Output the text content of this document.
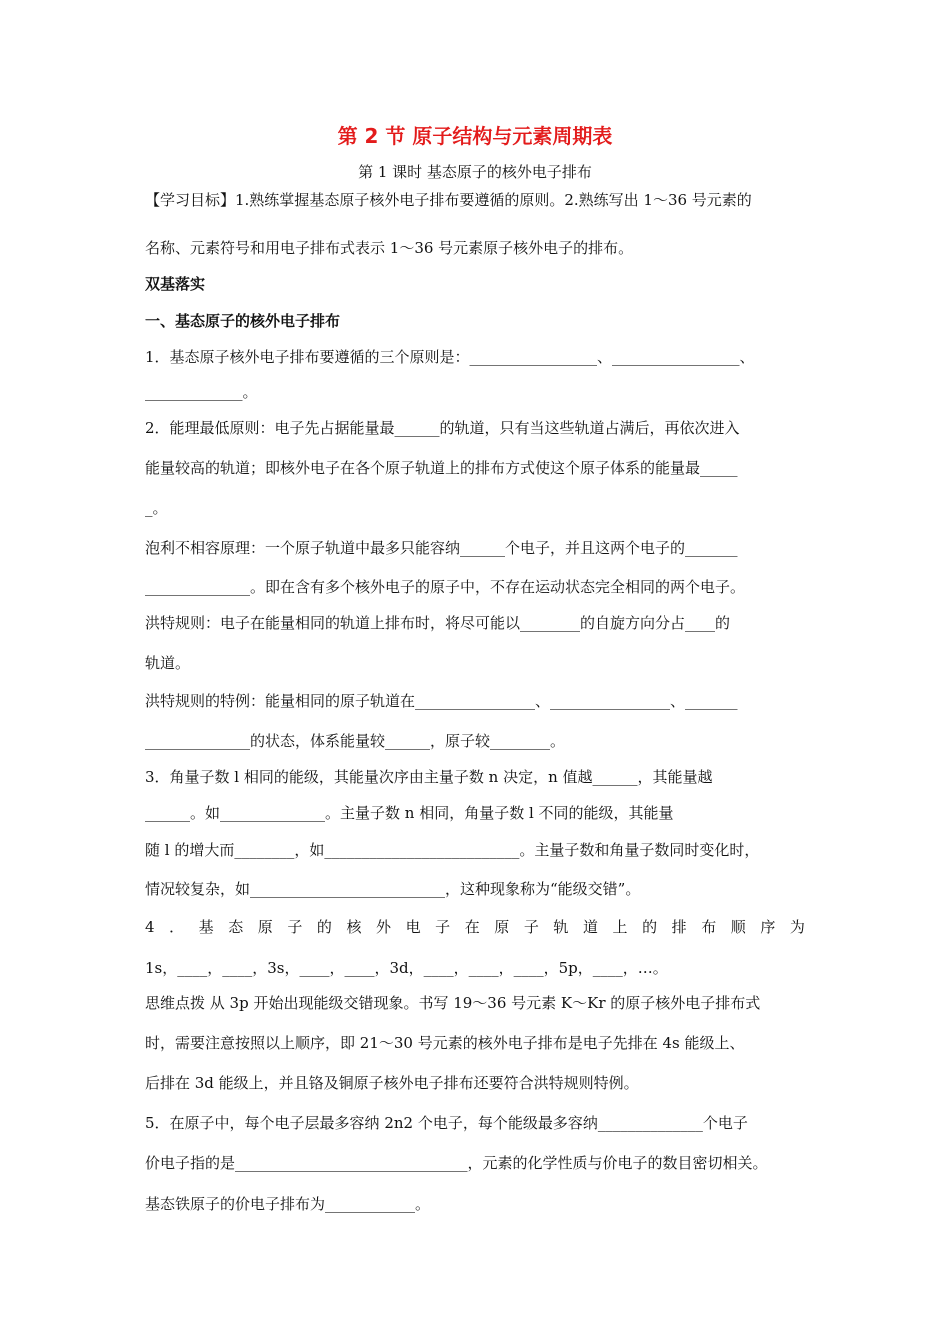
第 2 节 原子结构与元素周期表
第 1 课时 基态原子的核外电子排布
【学习目标】1.熟练掌握基态原子核外电子排布要遵循的原则。2.熟练写出 1～36 号元素的
名称、元素符号和用电子排布式表示 1～36 号元素原子核外电子的排布。
双基落实
一、基态原子的核外电子排布
1．基态原子核外电子排布要遵循的三个原则是：_________________、_________________、
_____________。
2．能理最低原则：电子先占据能量最______的轨道，只有当这些轨道占满后，再依次进入
能量较高的轨道；即核外电子在各个原子轨道上的排布方式使这个原子体系的能量最_____
_。
泡利不相容原理：一个原子轨道中最多只能容纳______个电子，并且这两个电子的_______
______________。即在含有多个核外电子的原子中，不存在运动状态完全相同的两个电子。
洪特规则：电子在能量相同的轨道上排布时，将尽可能以________的自旋方向分占____的
轨道。
洪特规则的特例：能量相同的原子轨道在________________、________________、_______
______________的状态，体系能量较______，原子较________。
3．角量子数 l 相同的能级，其能量次序由主量子数 n 决定，n 值越______，其能量越
______。如______________。主量子数 n 相同，角量子数 l 不同的能级，其能量
随 l 的增大而________，如__________________________。主量子数和角量子数同时变化时，
情况较复杂，如__________________________，这种现象称为“能级交错”。
4 ． 基 态 原 子 的 核 外 电 子 在 原 子 轨 道 上 的 排 布 顺 序 为
1s，____，____，3s，____，____，3d，____，____，____，5p，____，…。
思维点拨 从 3p 开始出现能级交错现象。书写 19～36 号元素 K～Kr 的原子核外电子排布式
时，需要注意按照以上顺序，即 21～30 号元素的核外电子排布是电子先排在 4s 能级上、
后排在 3d 能级上，并且铬及铜原子核外电子排布还要符合洪特规则特例。
5．在原子中，每个电子层最多容纳 2n2 个电子，每个能级最多容纳______________个电子
价电子指的是_______________________________，元素的化学性质与价电子的数目密切相关。
基态铁原子的价电子排布为____________。
